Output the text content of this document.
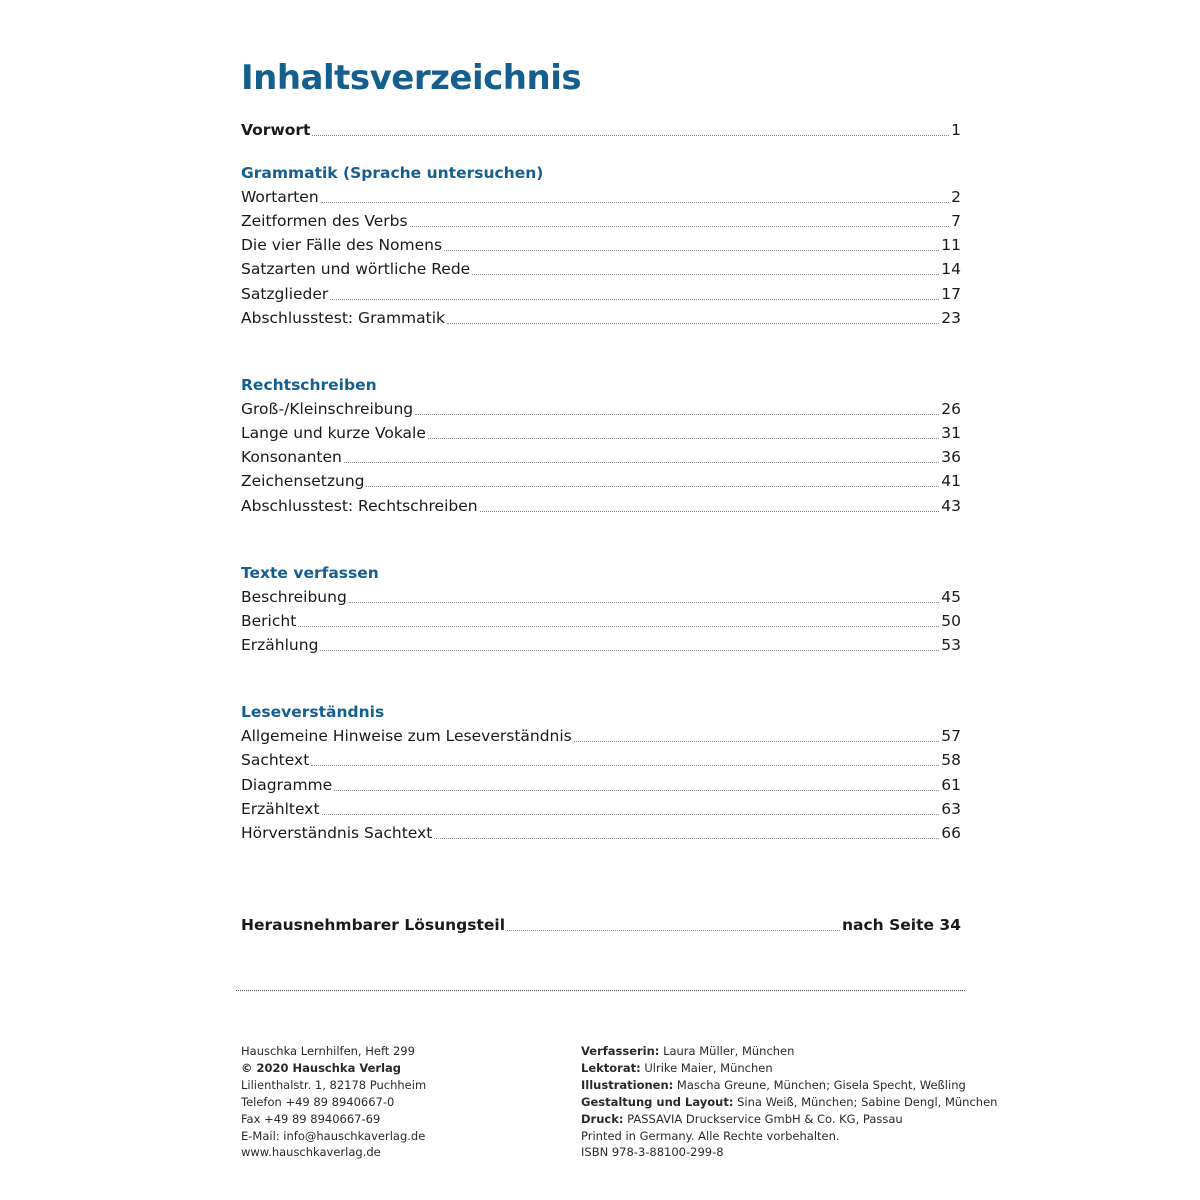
Inhaltsverzeichnis
Vorwort	1
Grammatik (Sprache untersuchen)
Wortarten	2
Zeitformen des Verbs	7
Die vier Fälle des Nomens	11
Satzarten und wörtliche Rede	14
Satzglieder	17
Abschlusstest: Grammatik	23
Rechtschreiben
Groß-/Kleinschreibung	26
Lange und kurze Vokale	31
Konsonanten	36
Zeichensetzung	41
Abschlusstest: Rechtschreiben	43
Texte verfassen
Beschreibung	45
Bericht	50
Erzählung	53
Leseverständnis
Allgemeine Hinweise zum Leseverständnis	57
Sachtext	58
Diagramme	61
Erzähltext	63
Hörverständnis Sachtext	66
Herausnehmbarer Lösungsteil	nach Seite 34
Hauschka Lernhilfen, Heft 299
© 2020 Hauschka Verlag
Lilienthalstr. 1, 82178 Puchheim
Telefon +49 89 8940667-0
Fax +49 89 8940667-69
E-Mail: info@hauschkaverlag.de
www.hauschkaverlag.de
Verfasserin: Laura Müller, München
Lektorat: Ulrike Maier, München
Illustrationen: Mascha Greune, München; Gisela Specht, Weßling
Gestaltung und Layout: Sina Weiß, München; Sabine Dengl, München
Druck: PASSAVIA Druckservice GmbH & Co. KG, Passau
Printed in Germany. Alle Rechte vorbehalten.
ISBN 978-3-88100-299-8
